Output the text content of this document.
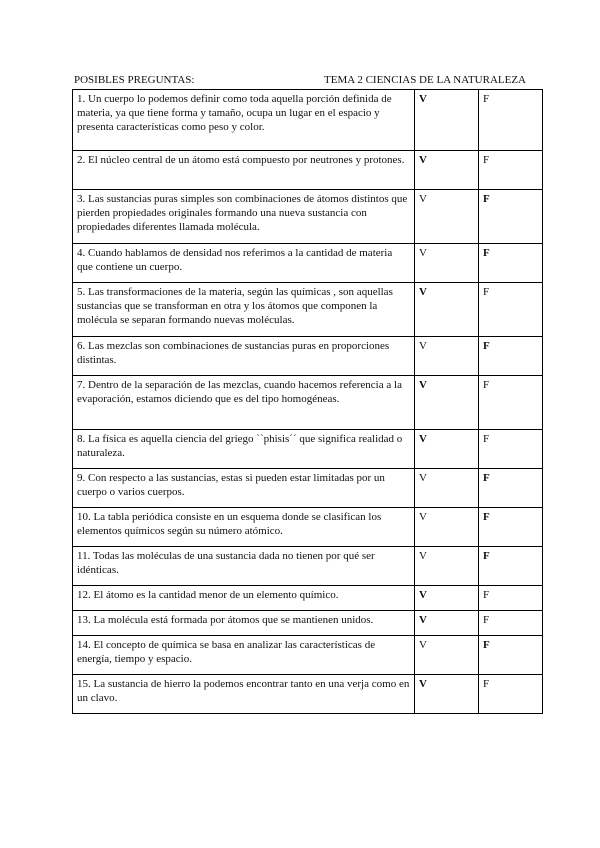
POSIBLES PREGUNTAS:	TEMA 2 CIENCIAS DE LA NATURALEZA
1. Un cuerpo lo podemos definir como toda aquella porción definida de materia, ya que tiene forma y tamaño, ocupa un lugar en el espacio y presenta características como peso y color.	V	F
2. El núcleo central de un átomo está compuesto por neutrones y protones.	V	F
3. Las sustancias puras simples son combinaciones de átomos distintos que pierden propiedades originales formando una nueva sustancia con propiedades diferentes llamada molécula.	V	F
4. Cuando hablamos de densidad nos referimos a la cantidad de materia que contiene un cuerpo.	V	F
5. Las transformaciones de la materia, según las químicas , son aquellas sustancias que se transforman en otra y los átomos que componen la molécula se separan formando nuevas moléculas.	V	F
6. Las mezclas son combinaciones de sustancias puras en proporciones distintas.	V	F
7. Dentro de la separación de las mezclas, cuando hacemos referencia a la evaporación, estamos diciendo que es del tipo homogéneas.	V	F
8. La física es aquella ciencia del griego ``phisis´´ que significa realidad o naturaleza.	V	F
9. Con respecto a las sustancias, estas si pueden estar limitadas por un cuerpo o varios cuerpos.	V	F
10. La tabla periódica consiste en un esquema donde se clasifican los elementos químicos según su número atómico.	V	F
11. Todas las moléculas de una sustancia dada no tienen por qué ser idénticas.	V	F
12. El átomo es la cantidad menor de un elemento químico.	V	F
13. La molécula está formada por átomos que se mantienen unidos.	V	F
14. El concepto de química se basa en analizar las características de energía, tiempo y espacio.	V	F
15. La sustancia de hierro la podemos encontrar tanto en una verja como en un clavo.	V	F
